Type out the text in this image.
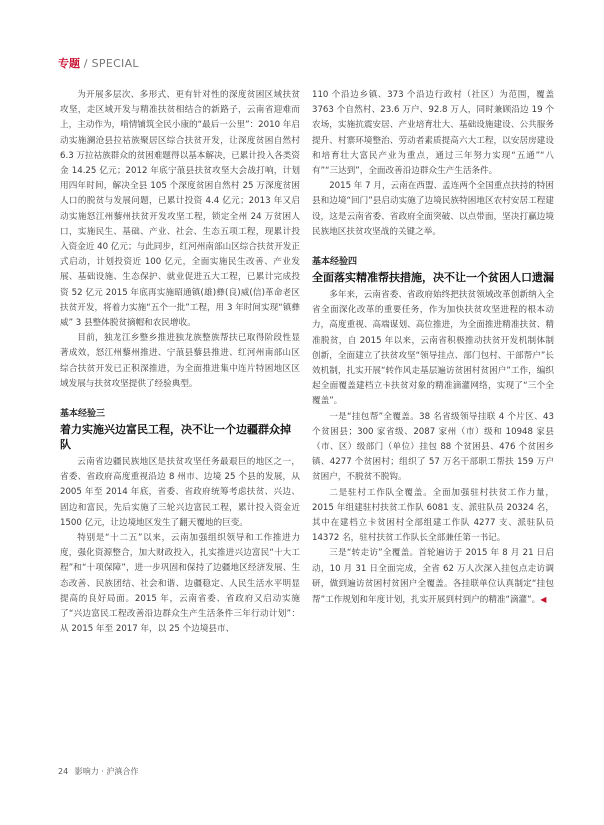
专题 / SPECIAL

为开展多层次、多形式、更有针对性的深度贫困区域扶贫攻坚，走区域开发与精准扶贫相结合的新路子，云南省迎难而上，主动作为，啃情铺筑全民小康的“最后一公里”：2010 年启动实施澜沧县拉祜族聚居区综合扶贫开发，让深度贫困自然村 6.3 万拉祜族群众的贫困难题得以基本解决，已累计投入各类资金 14.25 亿元；2012 年底宁蒗县扶贫攻坚大会战打响，计划用四年时间，解决全县 105 个深度贫困自然村 25 万深度贫困人口的脱贫与发展问题，已累计投资 4.4 亿元；2013 年又启动实施怒江州藜州扶贫开发攻坚工程，锁定全州 24 万贫困人口，实施民生、基础、产业、社会、生态五项工程，现累计投入资金近 40 亿元；与此同步，红河州南部山区综合扶贫开发正式启动，计划投资近 100 亿元，全面实施民生改善、产业发展、基础设施、生态保护、就业促进五大工程，已累计完成投资 52 亿元 2015 年底再实施昭通镇(雄)彝(良)威(信)革命老区扶贫开发，将着力实施“五个一批”工程，用 3 年时间实现“镇彝威” 3 县整体脱贫摘帽和农民增收。

目前，独龙江乡整乡推进独龙族整族帮扶已取得阶段性显著成效，怒江州藜州推进、宁蒗县藜县推进、红河州南部山区综合扶贫开发已正积深推进，为全面推进集中连片特困地区区域发展与扶贫攻坚提供了经验典型。

基本经验三
着力实施兴边富民工程，决不让一个边疆群众掉队

云南省边疆民族地区是扶贫攻坚任务最艰巨的地区之一，省委、省政府高度重视沿边 8 州市、边境 25 个县的发展，从 2005 年至 2014 年底，省委、省政府统筹考虑扶贫、兴边、固边和富民，先后实施了三轮兴边富民工程，累计投入资金近 1500 亿元，让边境地区发生了翻天覆地的巨变。

特别是“十二五”以来，云南加强组织领导和工作推进力度，强化资源整合，加大财政投入，扎实推进兴边富民“十大工程”和“十项保障”，进一步巩固和保持了边疆地区经济发展、生态改善、民族团结、社会和谐、边疆稳定、人民生活水平明显提高的良好局面。2015 年，云南省委、省政府又启动实施了“兴边富民工程改善沿边群众生产生活条件三年行动计划”：从 2015 年至 2017 年，以 25 个边境县市、

110 个沿边乡镇、373 个沿边行政村（社区）为范围，覆盖 3763 个自然村、23.6 万户、92.8 万人，同时兼顾沿边 19 个农场，实施抗震安居、产业培育壮大、基础设施建设、公共服务提升、村寨环境整治、劳动者素质提高六大工程，以安居房建设和培育壮大富民产业为重点，通过三年努力实现“五通”“八有”“三达到”，全面改善沿边群众生产生活条件。

2015 年 7 月，云南在西盟、孟连两个全国重点扶持的特困县和边境“回门”县启动实施了边境民族特困地区农村安居工程建设，这是云南省委、省政府全面突破、以点带面，坚决打赢边境民族地区扶贫攻坚战的关键之举。

基本经验四
全面落实精准帮扶措施，决不让一个贫困人口遗漏

多年来，云南省委、省政府始终把扶贫领域改革创新纳入全省全面深化改革的重要任务，作为加快扶贫攻坚进程的根本动力，高度重视、高端谋划、高位推进，为全面推进精准扶贫、精准脱贫，自 2015 年以来，云南省积极推动扶贫开发机制体制创新，全面建立了扶贫攻坚“领导挂点、部门包村、干部帮户”长效机制，扎实开展“转作风走基层遍访贫困村贫困户”工作，编织起全面覆盖建档立卡扶贫对象的精准滴灌网络，实现了“三个全覆盖”。

一是“挂包帮”全覆盖。38 名省级领导挂联 4 个片区、43 个贫困县；300 家省级、2087 家州（市）级和 10948 家县（市、区）级部门（单位）挂包 88 个贫困县、476 个贫困乡镇、4277 个贫困村；组织了 57 万名干部职工帮扶 159 万户贫困户，不脱贫不脱钩。

二是驻村工作队全覆盖。全面加强驻村扶贫工作力量，2015 年组建驻村扶贫工作队 6081 支、派驻队员 20324 名，其中在建档立卡贫困村全部组建工作队 4277 支、派驻队员 14372 名，驻村扶贫工作队长全部兼任第一书记。

三是“转走访”全覆盖。首轮遍访于 2015 年 8 月 21 日启动，10 月 31 日全面完成，全省 62 万人次深入挂包点走访调研，做到遍访贫困村贫困户全覆盖。各挂联单位认真制定“挂包帮”工作规划和年度计划，扎实开展到村到户的精准“滴灌”。◀

24 影响力 · 沪滇合作
